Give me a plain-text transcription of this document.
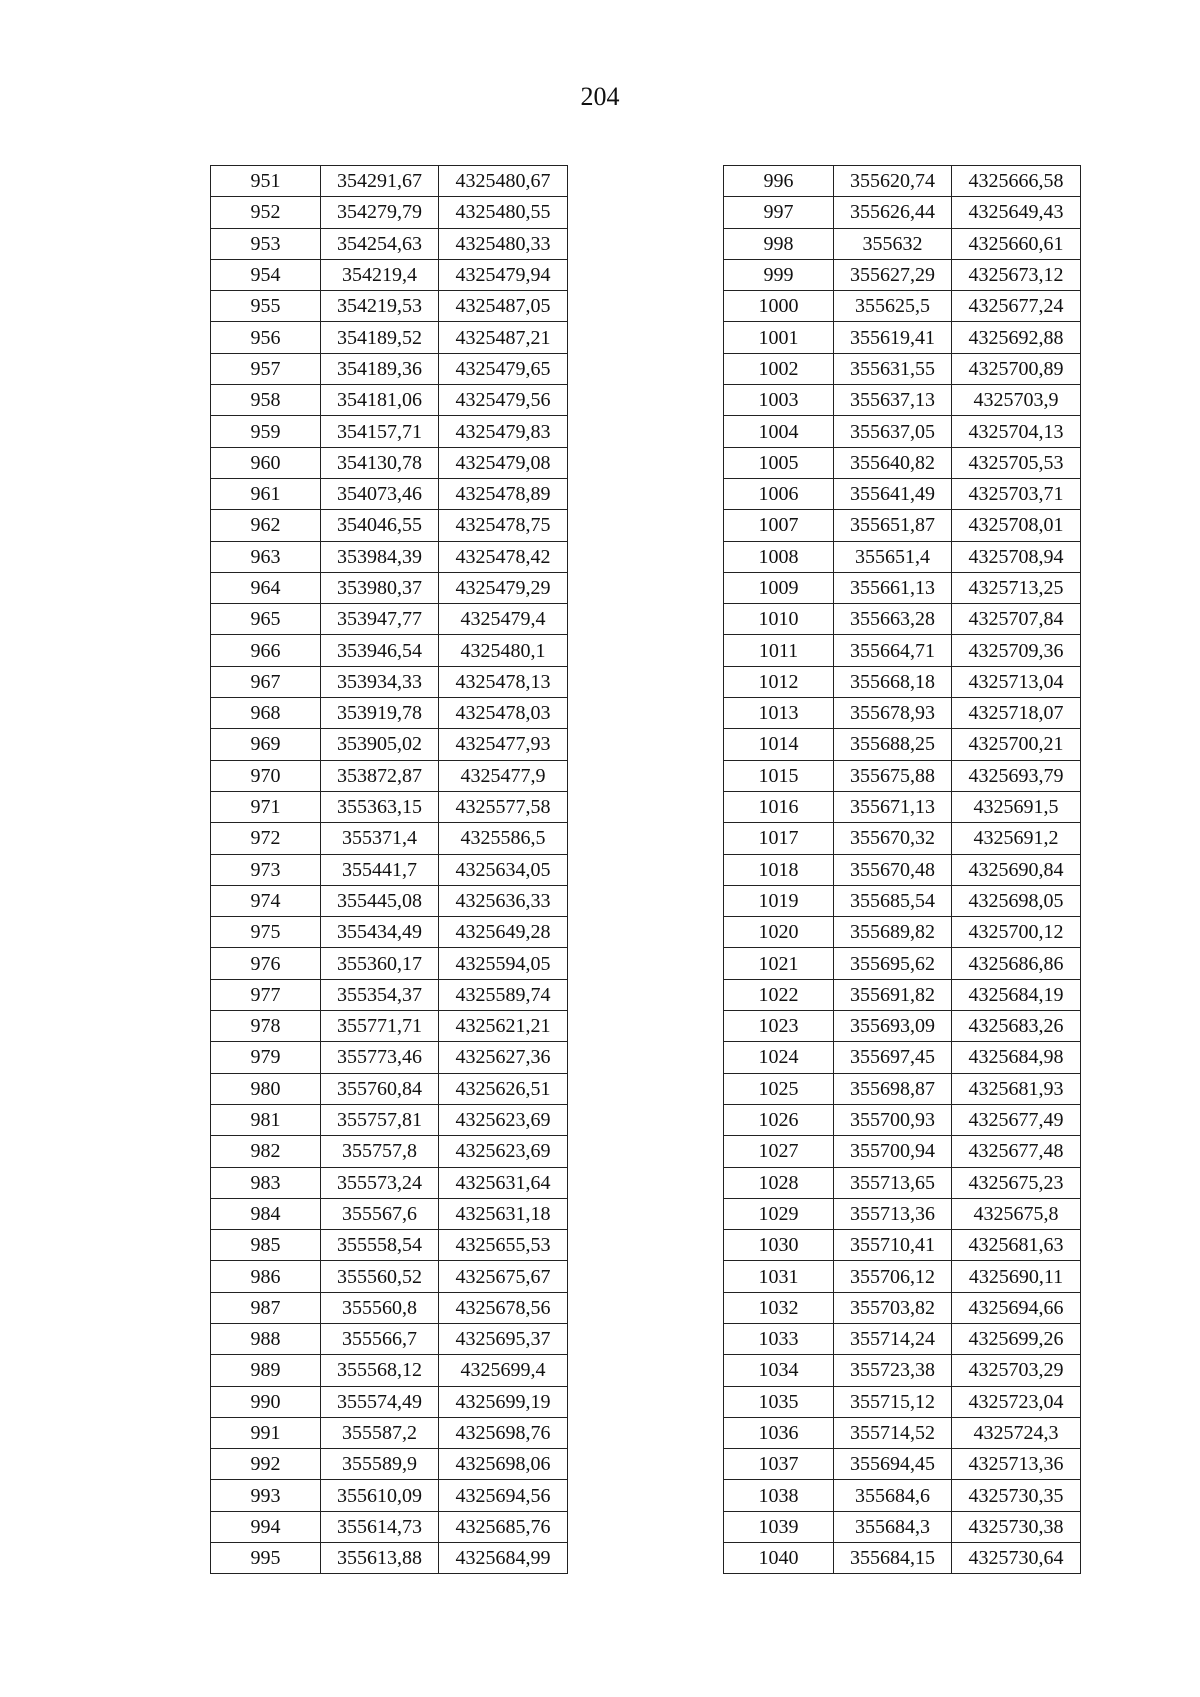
204
951	354291,67	4325480,67
952	354279,79	4325480,55
953	354254,63	4325480,33
954	354219,4	4325479,94
955	354219,53	4325487,05
956	354189,52	4325487,21
957	354189,36	4325479,65
958	354181,06	4325479,56
959	354157,71	4325479,83
960	354130,78	4325479,08
961	354073,46	4325478,89
962	354046,55	4325478,75
963	353984,39	4325478,42
964	353980,37	4325479,29
965	353947,77	4325479,4
966	353946,54	4325480,1
967	353934,33	4325478,13
968	353919,78	4325478,03
969	353905,02	4325477,93
970	353872,87	4325477,9
971	355363,15	4325577,58
972	355371,4	4325586,5
973	355441,7	4325634,05
974	355445,08	4325636,33
975	355434,49	4325649,28
976	355360,17	4325594,05
977	355354,37	4325589,74
978	355771,71	4325621,21
979	355773,46	4325627,36
980	355760,84	4325626,51
981	355757,81	4325623,69
982	355757,8	4325623,69
983	355573,24	4325631,64
984	355567,6	4325631,18
985	355558,54	4325655,53
986	355560,52	4325675,67
987	355560,8	4325678,56
988	355566,7	4325695,37
989	355568,12	4325699,4
990	355574,49	4325699,19
991	355587,2	4325698,76
992	355589,9	4325698,06
993	355610,09	4325694,56
994	355614,73	4325685,76
995	355613,88	4325684,99
996	355620,74	4325666,58
997	355626,44	4325649,43
998	355632	4325660,61
999	355627,29	4325673,12
1000	355625,5	4325677,24
1001	355619,41	4325692,88
1002	355631,55	4325700,89
1003	355637,13	4325703,9
1004	355637,05	4325704,13
1005	355640,82	4325705,53
1006	355641,49	4325703,71
1007	355651,87	4325708,01
1008	355651,4	4325708,94
1009	355661,13	4325713,25
1010	355663,28	4325707,84
1011	355664,71	4325709,36
1012	355668,18	4325713,04
1013	355678,93	4325718,07
1014	355688,25	4325700,21
1015	355675,88	4325693,79
1016	355671,13	4325691,5
1017	355670,32	4325691,2
1018	355670,48	4325690,84
1019	355685,54	4325698,05
1020	355689,82	4325700,12
1021	355695,62	4325686,86
1022	355691,82	4325684,19
1023	355693,09	4325683,26
1024	355697,45	4325684,98
1025	355698,87	4325681,93
1026	355700,93	4325677,49
1027	355700,94	4325677,48
1028	355713,65	4325675,23
1029	355713,36	4325675,8
1030	355710,41	4325681,63
1031	355706,12	4325690,11
1032	355703,82	4325694,66
1033	355714,24	4325699,26
1034	355723,38	4325703,29
1035	355715,12	4325723,04
1036	355714,52	4325724,3
1037	355694,45	4325713,36
1038	355684,6	4325730,35
1039	355684,3	4325730,38
1040	355684,15	4325730,64
